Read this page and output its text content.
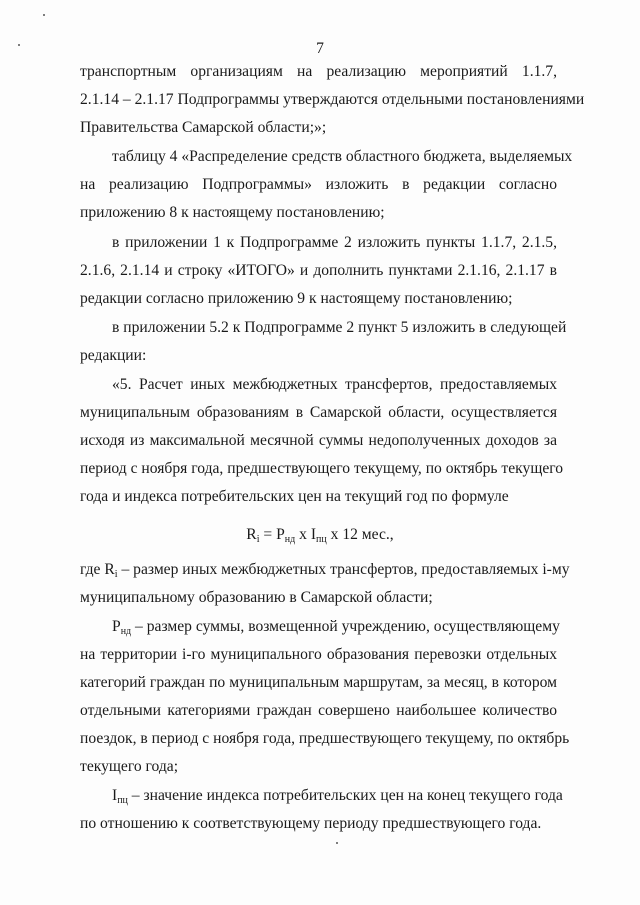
7
транспортным организациям на реализацию мероприятий 1.1.7,
2.1.14 – 2.1.17 Подпрограммы утверждаются отдельными постановлениями
Правительства Самарской области;»;
таблицу 4 «Распределение средств областного бюджета, выделяемых
на реализацию Подпрограммы» изложить в редакции согласно
приложению 8 к настоящему постановлению;
в приложении 1 к Подпрограмме 2 изложить пункты 1.1.7, 2.1.5,
2.1.6, 2.1.14 и строку «ИТОГО» и дополнить пунктами 2.1.16, 2.1.17 в
редакции согласно приложению 9 к настоящему постановлению;
в приложении 5.2 к Подпрограмме 2 пункт 5 изложить в следующей
редакции:
«5. Расчет иных межбюджетных трансфертов, предоставляемых
муниципальным образованиям в Самарской области, осуществляется
исходя из максимальной месячной суммы недополученных доходов за
период с ноября года, предшествующего текущему, по октябрь текущего
года и индекса потребительских цен на текущий год по формуле
$R_i = P_{нд}$ x $I_{пц}$ x 12 мес.,
где $R_i$ – размер иных межбюджетных трансфертов, предоставляемых i-му
муниципальному образованию в Самарской области;
$P_{нд}$ – размер суммы, возмещенной учреждению, осуществляющему
на территории i-го муниципального образования перевозки отдельных
категорий граждан по муниципальным маршрутам, за месяц, в котором
отдельными категориями граждан совершено наибольшее количество
поездок, в период с ноября года, предшествующего текущему, по октябрь
текущего года;
$I_{пц}$ – значение индекса потребительских цен на конец текущего года
по отношению к соответствующему периоду предшествующего года.
